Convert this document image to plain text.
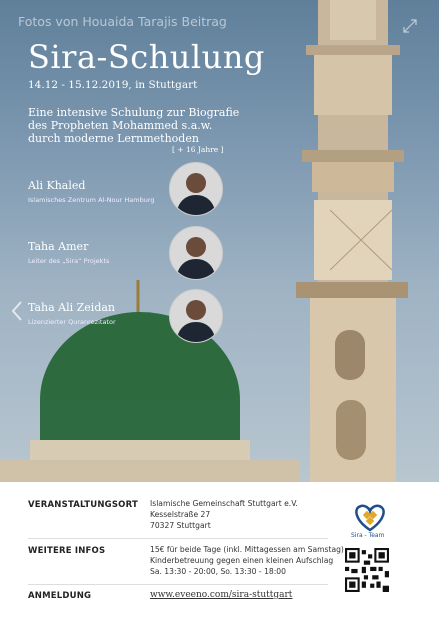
Fotos von Houaida Tarajis Beitrag
Sira-Schulung
14.12 - 15.12.2019, in Stuttgart
Eine intensive Schulung zur Biografie
des Propheten Mohammed s.a.w.
durch moderne Lernmethoden
[ + 16 Jahre ]
Ali Khaled
Islamisches Zentrum Al-Nour Hamburg
Taha Amer
Leiter des „Sira“ Projekts
Taha Ali Zeidan
Lizenzierter Quranrezitator
VERANSTALTUNGSORT Islamische Gemeinschaft Stuttgart e.V.
Kesselstraße 27
70327 Stuttgart
WEITERE INFOS	15€ für beide Tage (inkl. Mittagessen am Samstag)
Kinderbetreuung gegen einen kleinen Aufschlag
Sa. 13:30 - 20:00, So. 13:30 - 18:00
ANMELDUNG	www.eveeno.com/sira-stuttgart
Sira - Team
